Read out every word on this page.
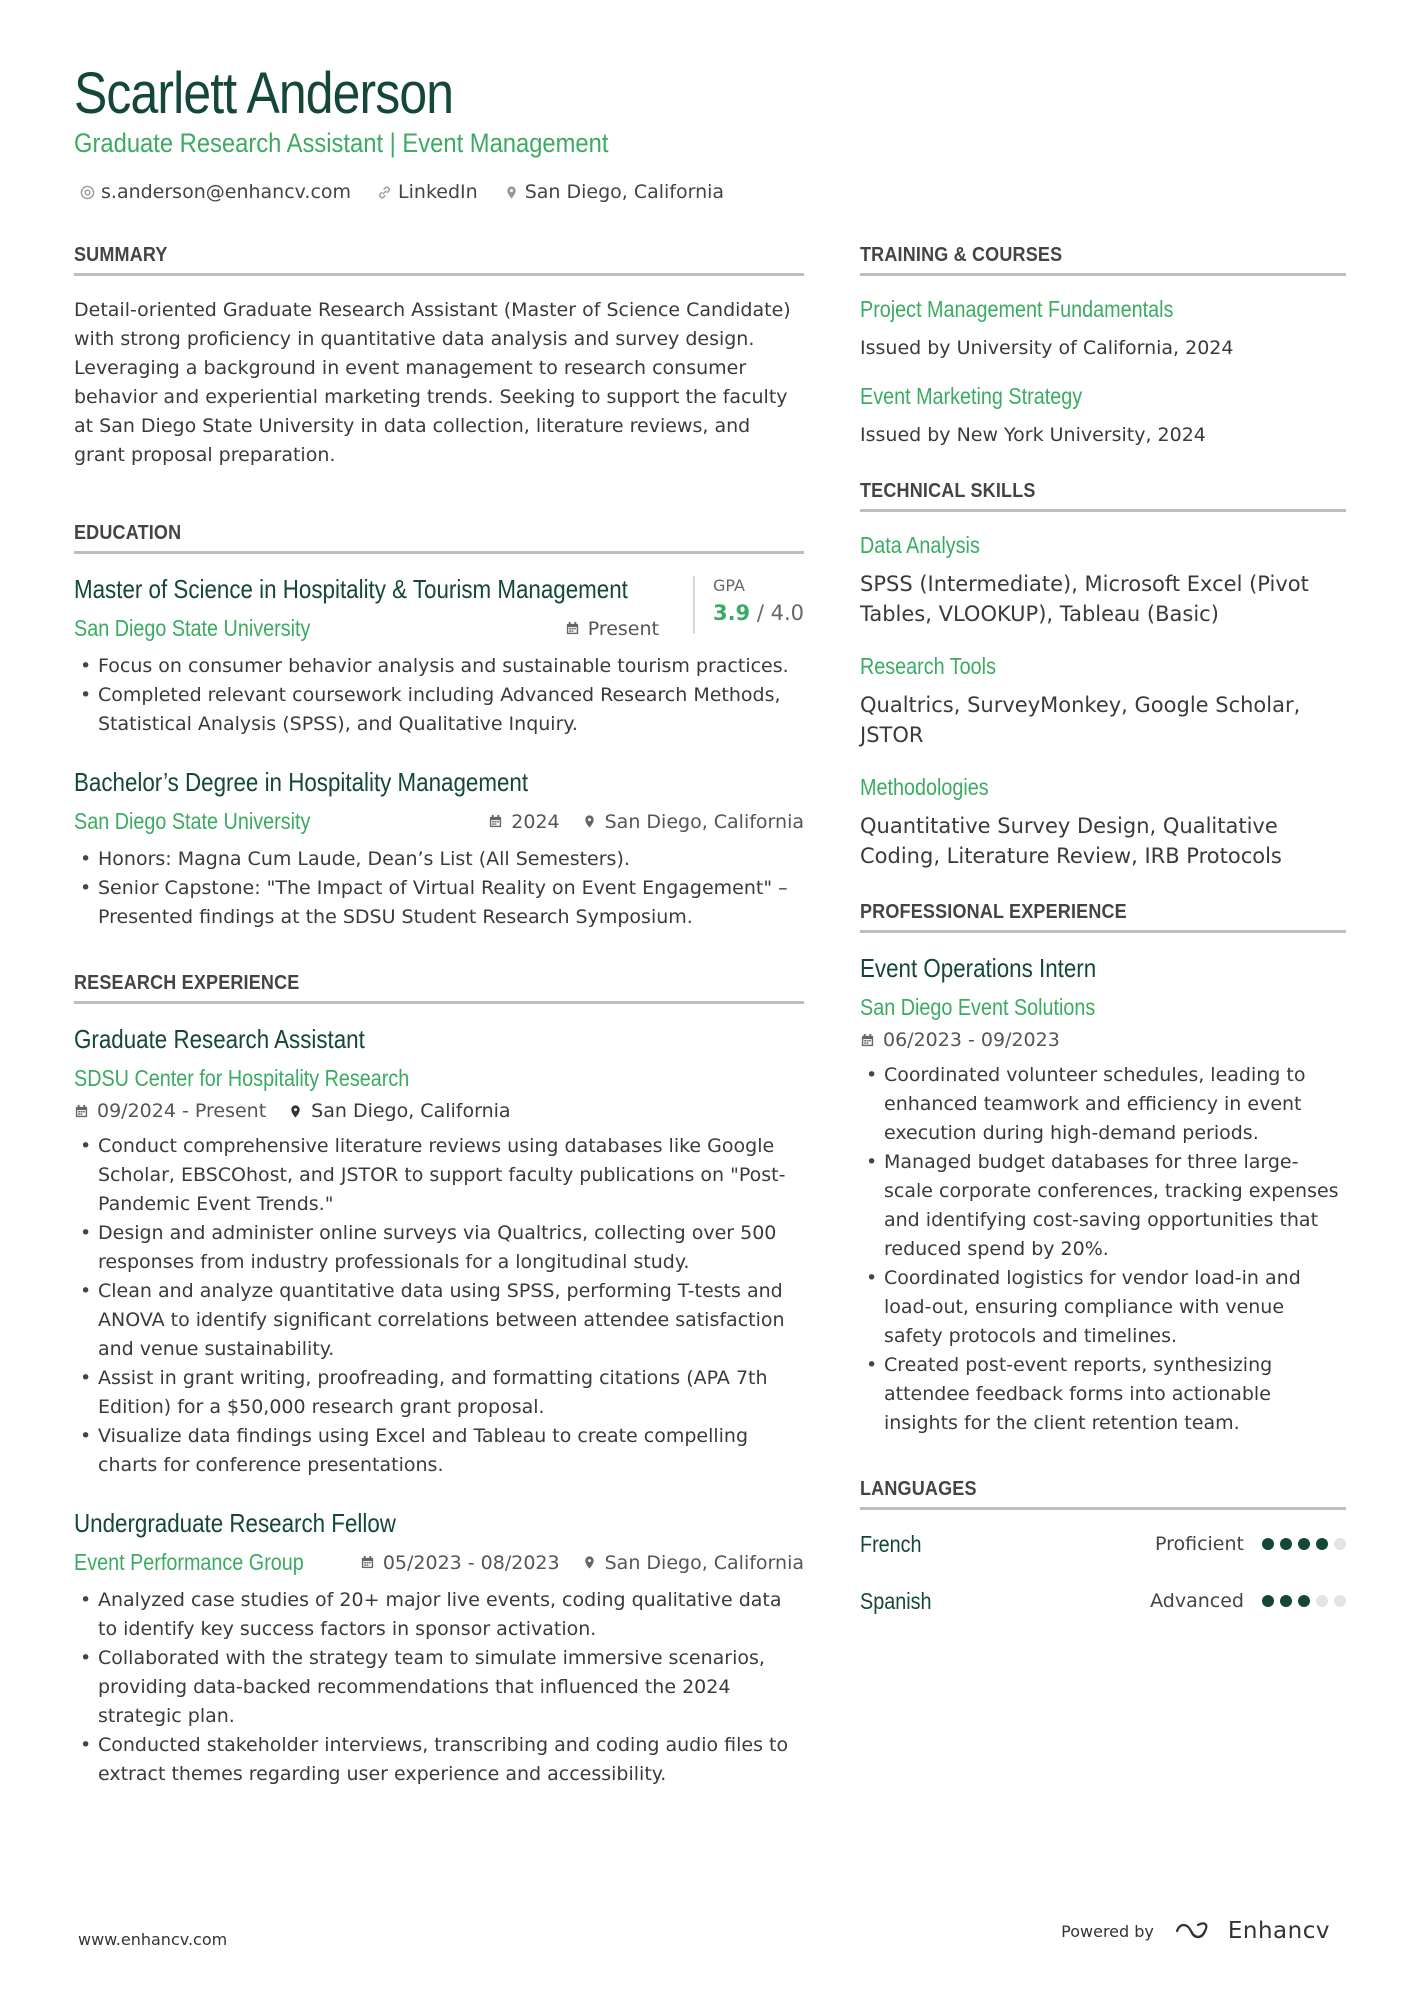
Scarlett Anderson
Graduate Research Assistant | Event Management
s.anderson@enhancv.com LinkedIn San Diego, California
SUMMARY

Detail-oriented Graduate Research Assistant (Master of Science Candidate) with strong proficiency in quantitative data analysis and survey design. Leveraging a background in event management to research consumer behavior and experiential marketing trends. Seeking to support the faculty at San Diego State University in data collection, literature reviews, and grant proposal preparation.

EDUCATION
Master of Science in Hospitality & Tourism Management
San Diego State University	Present
GPA
3.9 / 4.0
• Focus on consumer behavior analysis and sustainable tourism practices.
• Completed relevant coursework including Advanced Research Methods, Statistical Analysis (SPSS), and Qualitative Inquiry.
Bachelor’s Degree in Hospitality Management
San Diego State University	2024 San Diego, California
• Honors: Magna Cum Laude, Dean’s List (All Semesters).
• Senior Capstone: "The Impact of Virtual Reality on Event Engagement" – Presented findings at the SDSU Student Research Symposium.
RESEARCH EXPERIENCE
Graduate Research Assistant
SDSU Center for Hospitality Research
09/2024 - Present San Diego, California
• Conduct comprehensive literature reviews using databases like Google Scholar, EBSCOhost, and JSTOR to support faculty publications on "Post-Pandemic Event Trends."
• Design and administer online surveys via Qualtrics, collecting over 500 responses from industry professionals for a longitudinal study.
• Clean and analyze quantitative data using SPSS, performing T-tests and ANOVA to identify significant correlations between attendee satisfaction and venue sustainability.
• Assist in grant writing, proofreading, and formatting citations (APA 7th Edition) for a $50,000 research grant proposal.
• Visualize data findings using Excel and Tableau to create compelling charts for conference presentations.
Undergraduate Research Fellow
Event Performance Group	05/2023 - 08/2023 San Diego, California
• Analyzed case studies of 20+ major live events, coding qualitative data to identify key success factors in sponsor activation.
• Collaborated with the strategy team to simulate immersive scenarios, providing data-backed recommendations that influenced the 2024 strategic plan.
• Conducted stakeholder interviews, transcribing and coding audio files to extract themes regarding user experience and accessibility.
TRAINING & COURSES
Project Management Fundamentals

Issued by University of California, 2024

Event Marketing Strategy

Issued by New York University, 2024

TECHNICAL SKILLS
Data Analysis

SPSS (Intermediate), Microsoft Excel (Pivot Tables, VLOOKUP), Tableau (Basic)

Research Tools

Qualtrics, SurveyMonkey, Google Scholar, JSTOR

Methodologies

Quantitative Survey Design, Qualitative Coding, Literature Review, IRB Protocols

PROFESSIONAL EXPERIENCE
Event Operations Intern
San Diego Event Solutions
06/2023 - 09/2023
• Coordinated volunteer schedules, leading to enhanced teamwork and efficiency in event execution during high-demand periods.
• Managed budget databases for three large-scale corporate conferences, tracking expenses and identifying cost-saving opportunities that reduced spend by 20%.
• Coordinated logistics for vendor load-in and load-out, ensuring compliance with venue safety protocols and timelines.
• Created post-event reports, synthesizing attendee feedback forms into actionable insights for the client retention team.
LANGUAGES
French	Proficient
Spanish	Advanced
www.enhancv.com	Powered by	Enhancv
